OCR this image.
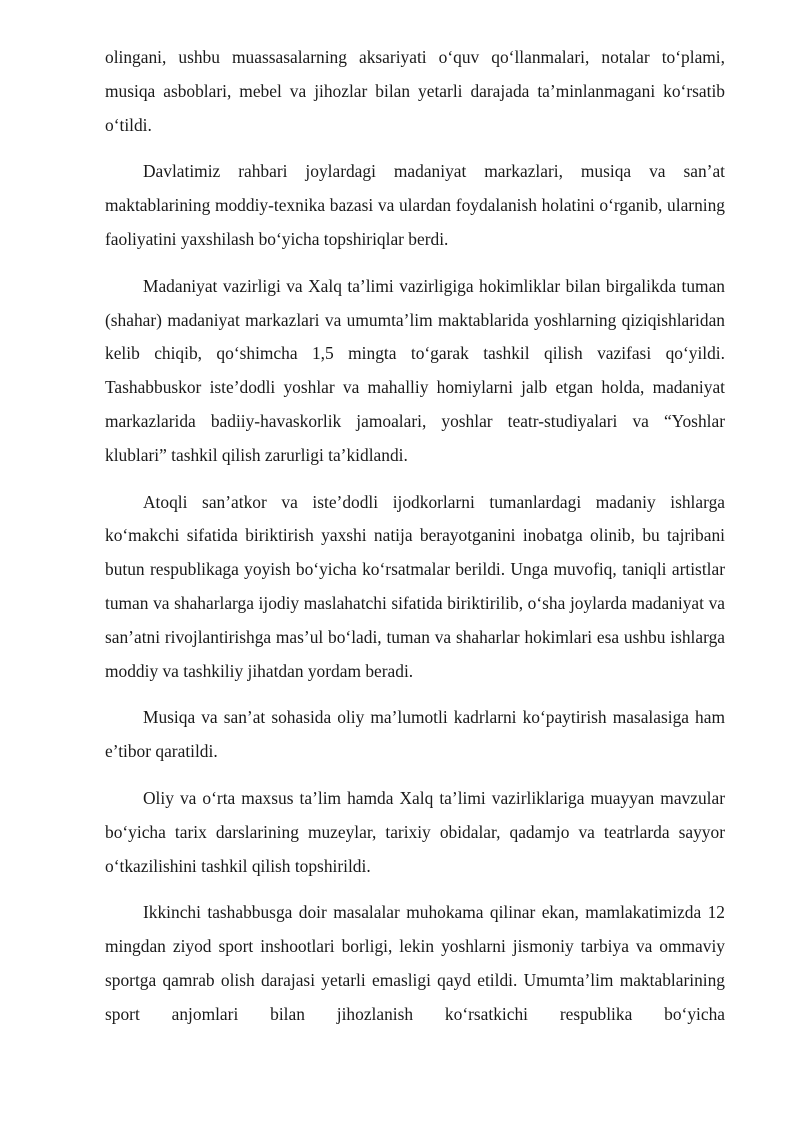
olingani, ushbu muassasalarning aksariyati o‘quv qo‘llanmalari, notalar to‘plami, musiqa asboblari, mebel va jihozlar bilan yetarli darajada ta’minlanmagani ko‘rsatib o‘tildi.

Davlatimiz rahbari joylardagi madaniyat markazlari, musiqa va san’at maktablarining moddiy-texnika bazasi va ulardan foydalanish holatini o‘rganib, ularning faoliyatini yaxshilash bo‘yicha topshiriqlar berdi.

Madaniyat vazirligi va Xalq ta’limi vazirligiga hokimliklar bilan birgalikda tuman (shahar) madaniyat markazlari va umumta’lim maktablarida yoshlarning qiziqishlaridan kelib chiqib, qo‘shimcha 1,5 mingta to‘garak tashkil qilish vazifasi qo‘yildi. Tashabbuskor iste’dodli yoshlar va mahalliy homiylarni jalb etgan holda, madaniyat markazlarida badiiy-havaskorlik jamoalari, yoshlar teatr-studiyalari va “Yoshlar klublari” tashkil qilish zarurligi ta’kidlandi.

Atoqli san’atkor va iste’dodli ijodkorlarni tumanlardagi madaniy ishlarga ko‘makchi sifatida biriktirish yaxshi natija berayotganini inobatga olinib, bu tajribani butun respublikaga yoyish bo‘yicha ko‘rsatmalar berildi. Unga muvofiq, taniqli artistlar tuman va shaharlarga ijodiy maslahatchi sifatida biriktirilib, o‘sha joylarda madaniyat va san’atni rivojlantirishga mas’ul bo‘ladi, tuman va shaharlar hokimlari esa ushbu ishlarga moddiy va tashkiliy jihatdan yordam beradi.

Musiqa va san’at sohasida oliy ma’lumotli kadrlarni ko‘paytirish masalasiga ham e’tibor qaratildi.

Oliy va o‘rta maxsus ta’lim hamda Xalq ta’limi vazirliklariga muayyan mavzular bo‘yicha tarix darslarining muzeylar, tarixiy obidalar, qadamjo va teatrlarda sayyor o‘tkazilishini tashkil qilish topshirildi.

Ikkinchi tashabbusga doir masalalar muhokama qilinar ekan, mamlakatimizda 12 mingdan ziyod sport inshootlari borligi, lekin yoshlarni jismoniy tarbiya va ommaviy sportga qamrab olish darajasi yetarli emasligi qayd etildi. Umumta’lim maktablarining sport anjomlari bilan jihozlanish ko‘rsatkichi respublika bo‘yicha
